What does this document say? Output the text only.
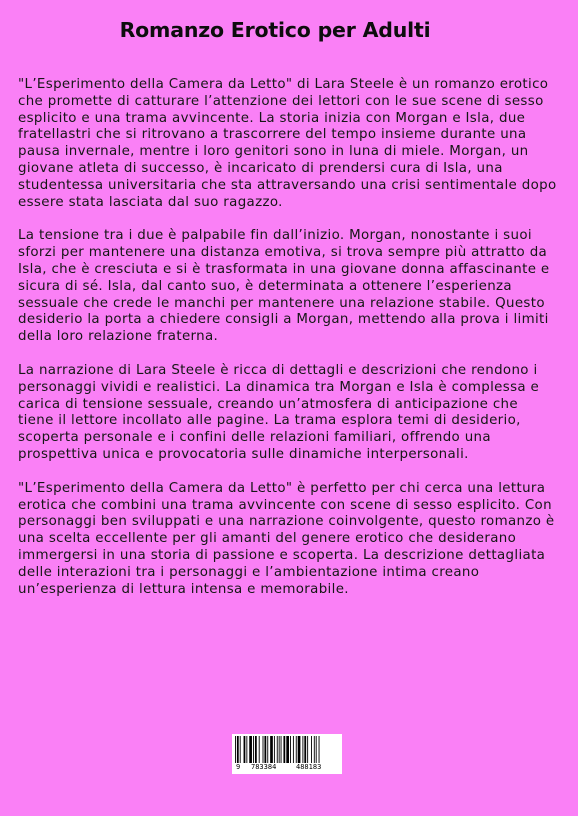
Romanzo Erotico per Adulti

"L’Esperimento della Camera da Letto" di Lara Steele è un romanzo erotico che promette di catturare l’attenzione dei lettori con le sue scene di sesso esplicito e una trama avvincente. La storia inizia con Morgan e Isla, due fratellastri che si ritrovano a trascorrere del tempo insieme durante una pausa invernale, mentre i loro genitori sono in luna di miele. Morgan, un giovane atleta di successo, è incaricato di prendersi cura di Isla, una studentessa universitaria che sta attraversando una crisi sentimentale dopo essere stata lasciata dal suo ragazzo.

La tensione tra i due è palpabile fin dall’inizio. Morgan, nonostante i suoi sforzi per mantenere una distanza emotiva, si trova sempre più attratto da Isla, che è cresciuta e si è trasformata in una giovane donna affascinante e sicura di sé. Isla, dal canto suo, è determinata a ottenere l’esperienza sessuale che crede le manchi per mantenere una relazione stabile. Questo desiderio la porta a chiedere consigli a Morgan, mettendo alla prova i limiti della loro relazione fraterna.

La narrazione di Lara Steele è ricca di dettagli e descrizioni che rendono i personaggi vividi e realistici. La dinamica tra Morgan e Isla è complessa e carica di tensione sessuale, creando un’atmosfera di anticipazione che tiene il lettore incollato alle pagine. La trama esplora temi di desiderio, scoperta personale e i confini delle relazioni familiari, offrendo una prospettiva unica e provocatoria sulle dinamiche interpersonali.

"L’Esperimento della Camera da Letto" è perfetto per chi cerca una lettura erotica che combini una trama avvincente con scene di sesso esplicito. Con personaggi ben sviluppati e una narrazione coinvolgente, questo romanzo è una scelta eccellente per gli amanti del genere erotico che desiderano immergersi in una storia di passione e scoperta. La descrizione dettagliata delle interazioni tra i personaggi e l’ambientazione intima creano un’esperienza di lettura intensa e memorabile.

9

783384

	488183
